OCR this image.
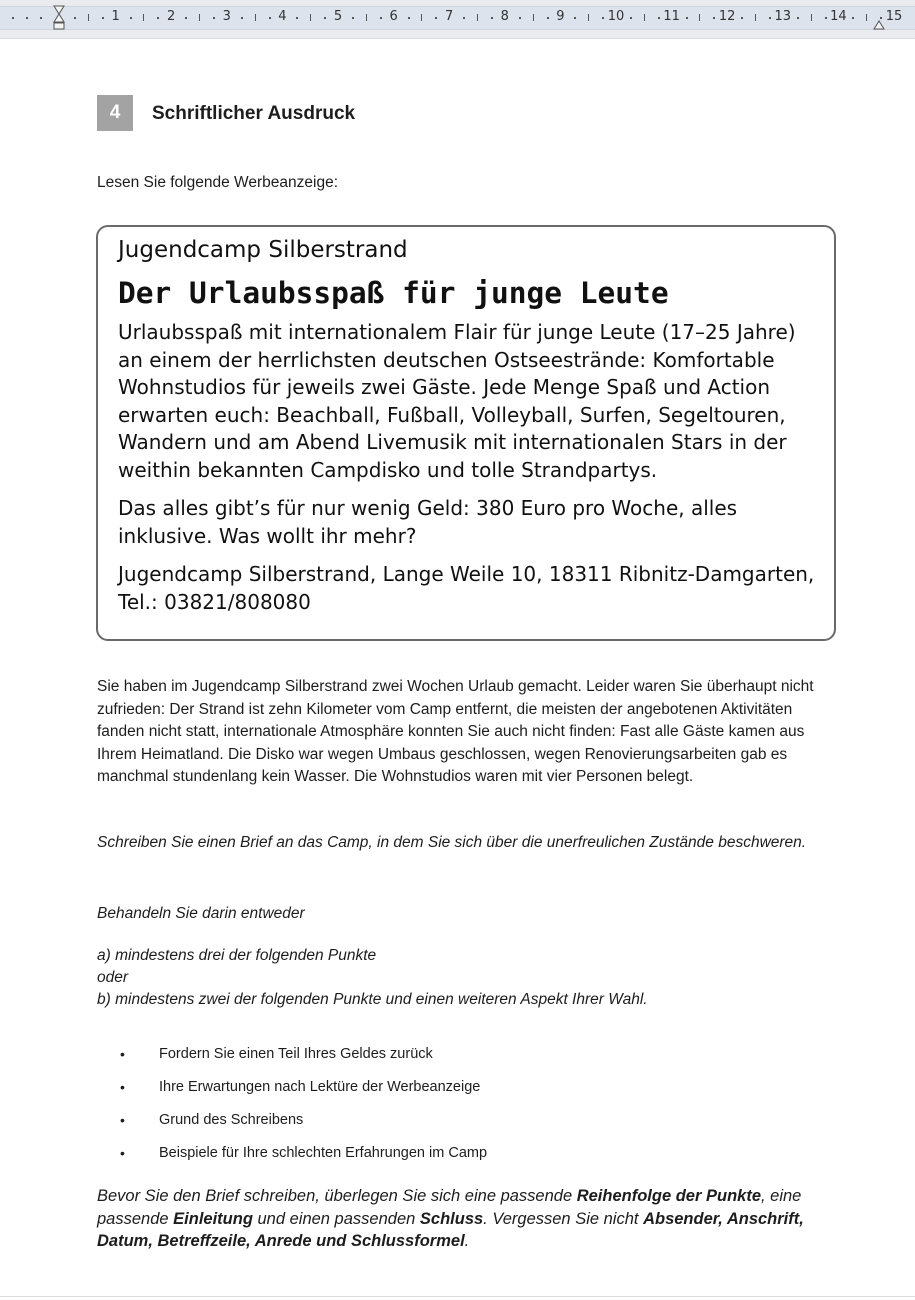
1	2	3	4	5	6	7	8	9	10	11	12	13	14	15
4	Schriftlicher Ausdruck
Lesen Sie folgende Werbeanzeige:

Jugendcamp Silberstrand

Der Urlaubsspaß für junge Leute

Urlaubsspaß mit internationalem Flair für junge Leute (17–25 Jahre) an einem der herrlichsten deutschen Ostseestrände: Komfortable Wohnstudios für jeweils zwei Gäste. Jede Menge Spaß und Action erwarten euch: Beachball, Fußball, Volleyball, Surfen, Segeltouren, Wandern und am Abend Livemusik mit internationalen Stars in der weithin bekannten Campdisko und tolle Strandpartys.

Das alles gibt’s für nur wenig Geld: 380 Euro pro Woche, alles inklusive. Was wollt ihr mehr?

Jugendcamp Silberstrand, Lange Weile 10, 18311 Ribnitz-Damgarten, Tel.: 03821/808080

Sie haben im Jugendcamp Silberstrand zwei Wochen Urlaub gemacht. Leider waren Sie überhaupt nicht zufrieden: Der Strand ist zehn Kilometer vom Camp entfernt, die meisten der angebotenen Aktivitäten fanden nicht statt, internationale Atmosphäre konnten Sie auch nicht finden: Fast alle Gäste kamen aus Ihrem Heimatland. Die Disko war wegen Umbaus geschlossen, wegen Renovierungsarbeiten gab es manchmal stundenlang kein Wasser. Die Wohnstudios waren mit vier Personen belegt.
Schreiben Sie einen Brief an das Camp, in dem Sie sich über die unerfreulichen Zustände beschweren.
Behandeln Sie darin entweder
a) mindestens drei der folgenden Punkte
oder
b) mindestens zwei der folgenden Punkte und einen weiteren Aspekt Ihrer Wahl.
• Fordern Sie einen Teil Ihres Geldes zurück
• Ihre Erwartungen nach Lektüre der Werbeanzeige
• Grund des Schreibens
• Beispiele für Ihre schlechten Erfahrungen im Camp
Bevor Sie den Brief schreiben, überlegen Sie sich eine passende Reihenfolge der Punkte, eine passende Einleitung und einen passenden Schluss. Vergessen Sie nicht Absender, Anschrift, Datum, Betreffzeile, Anrede und Schlussformel.
